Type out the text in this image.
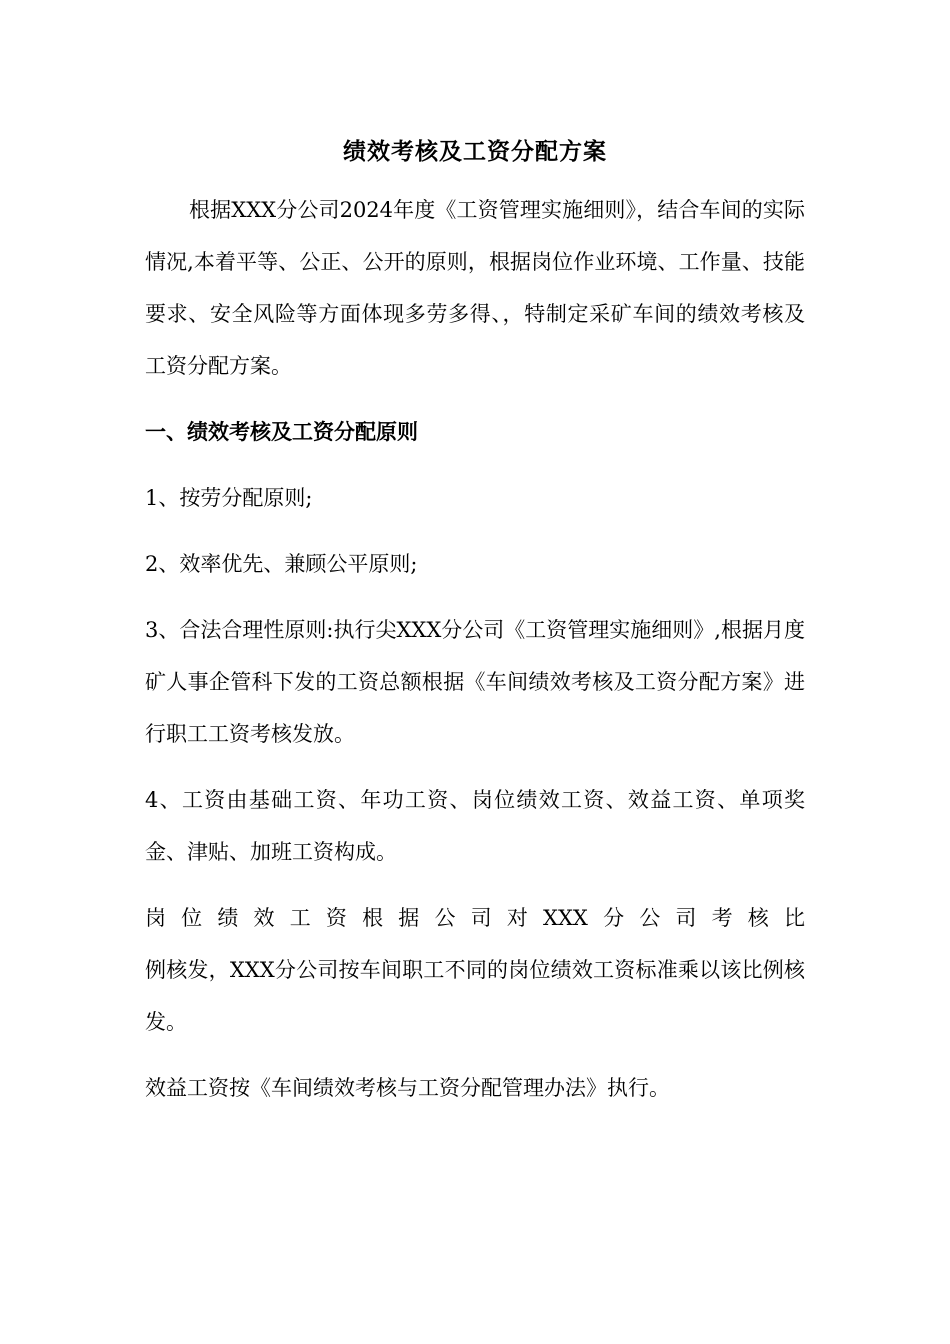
绩效考核及工资分配方案

根据XXX分公司2024年度《工资管理实施细则》，结合车间的实际情况,本着平等、公正、公开的原则，根据岗位作业环境、工作量、技能要求、安全风险等方面体现多劳多得、，特制定采矿车间的绩效考核及工资分配方案。

一、绩效考核及工资分配原则

1、按劳分配原则;

2、效率优先、兼顾公平原则;

3、合法合理性原则:执行尖XXX分公司《工资管理实施细则》,根据月度矿人事企管科下发的工资总额根据《车间绩效考核及工资分配方案》进行职工工资考核发放。

4、工资由基础工资、年功工资、岗位绩效工资、效益工资、单项奖金、津贴、加班工资构成。

岗位绩效工资根据公司对XXX分公司考核比

例核发，XXX分公司按车间职工不同的岗位绩效工资标准乘以该比例核发。

效益工资按《车间绩效考核与工资分配管理办法》执行。
